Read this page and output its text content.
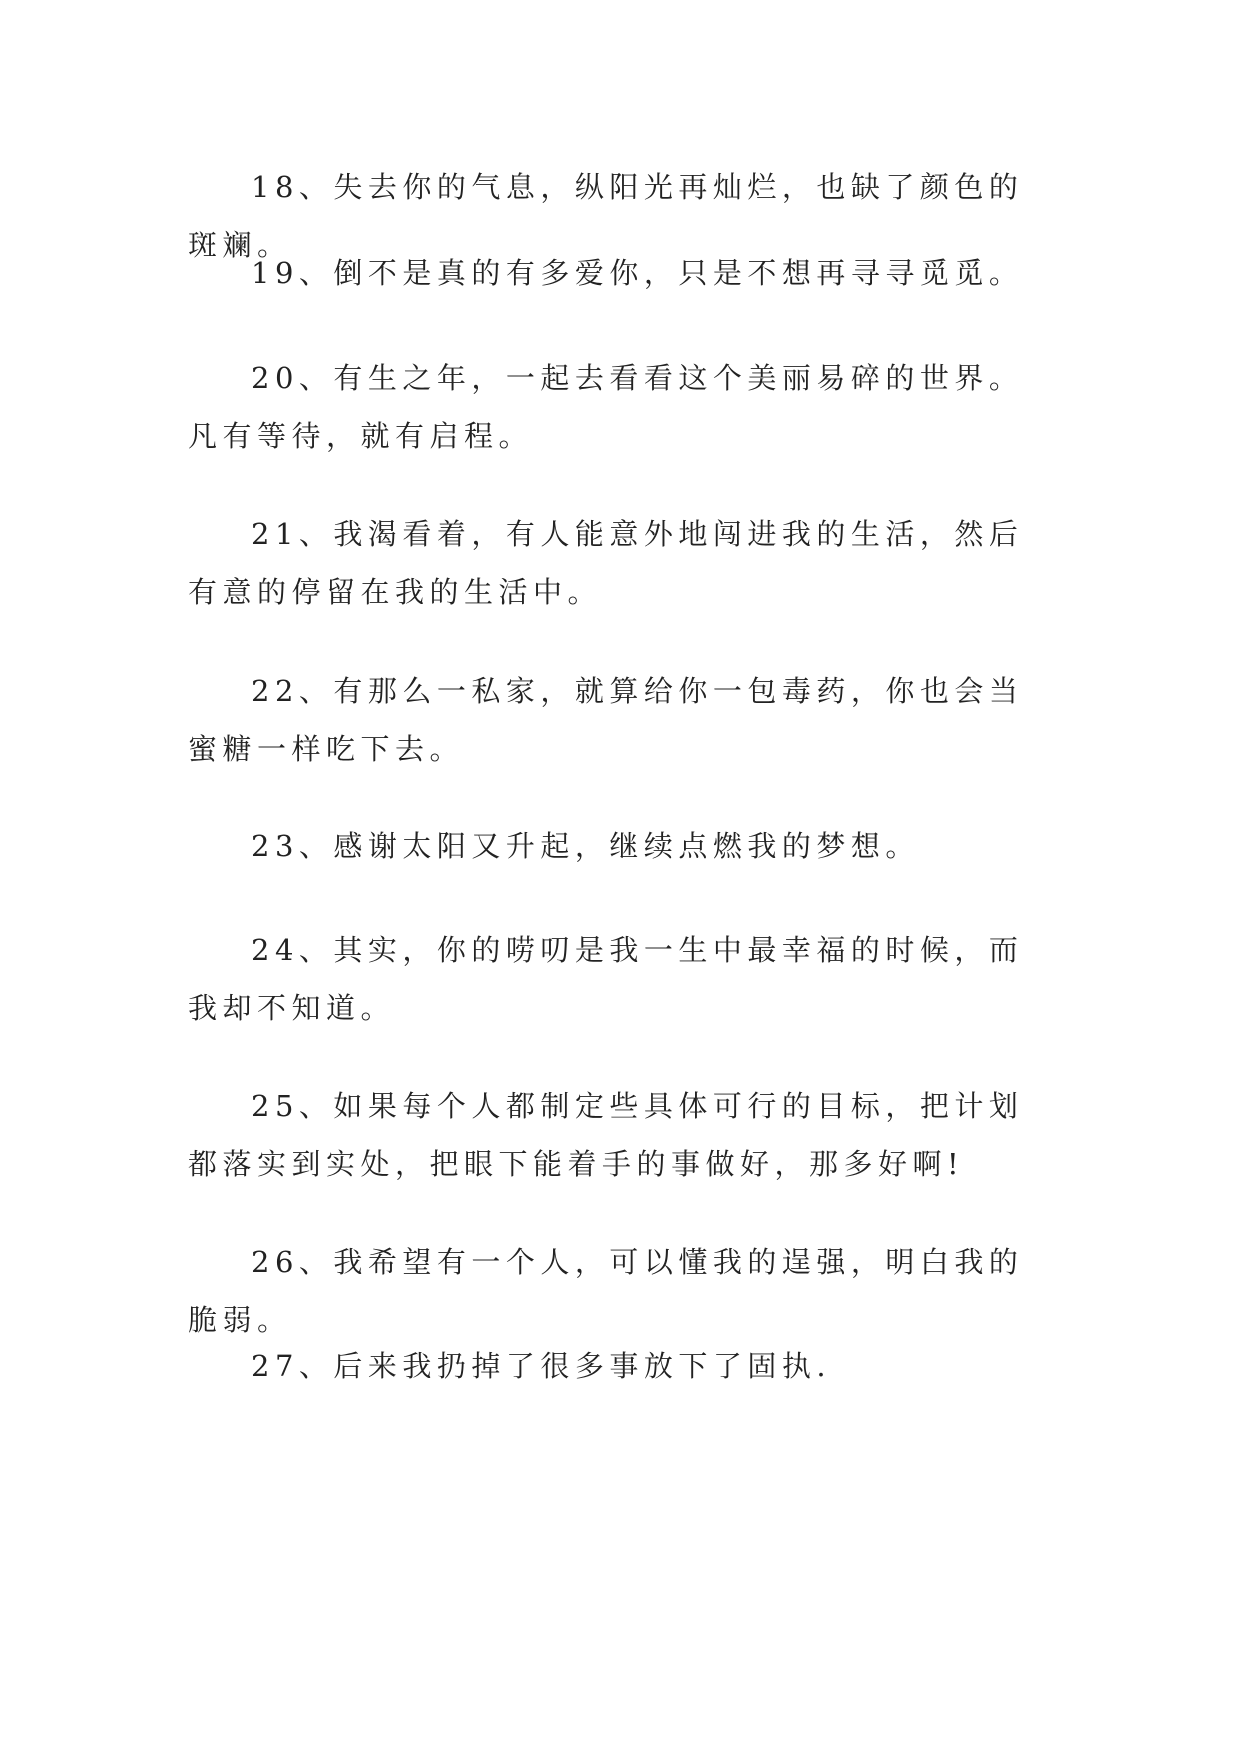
18、失去你的气息，纵阳光再灿烂，也缺了颜色的斑斓。

19、倒不是真的有多爱你，只是不想再寻寻觅觅。

20、有生之年，一起去看看这个美丽易碎的世界。凡有等待，就有启程。

21、我渴看着，有人能意外地闯进我的生活，然后有意的停留在我的生活中。

22、有那么一私家，就算给你一包毒药，你也会当蜜糖一样吃下去。

23、感谢太阳又升起，继续点燃我的梦想。

24、其实，你的唠叨是我一生中最幸福的时候，而我却不知道。

25、如果每个人都制定些具体可行的目标，把计划都落实到实处，把眼下能着手的事做好，那多好啊!

26、我希望有一个人，可以懂我的逞强，明白我的脆弱。

27、后来我扔掉了很多事放下了固执.
